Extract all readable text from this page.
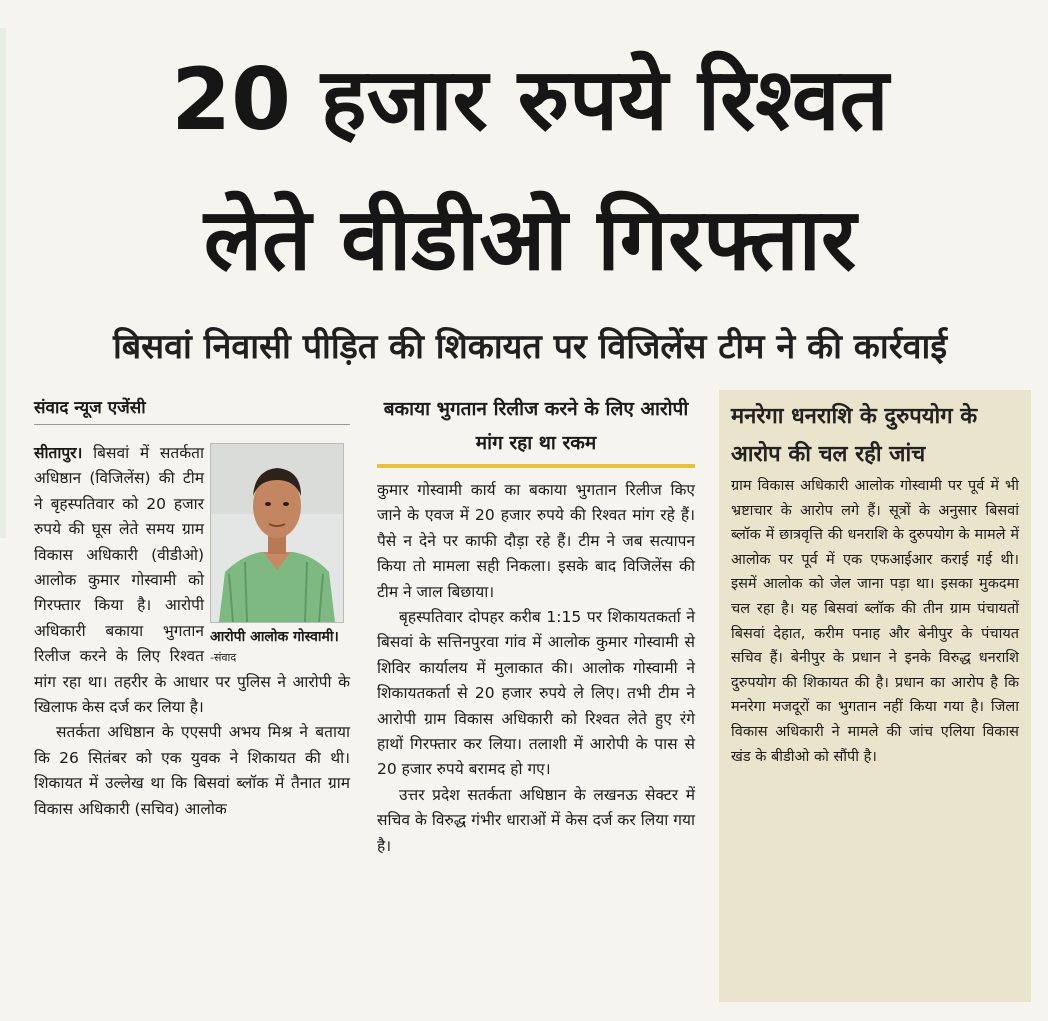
20 हजार रुपये रिश्वत
लेते वीडीओ गिरफ्तार
बिसवां निवासी पीड़ित की शिकायत पर विजिलेंस टीम ने की कार्रवाई

संवाद न्यूज एजेंसी

आरोपी आलोक गोस्वामी। -संवाद

सीतापुर। बिसवां में सतर्कता अधिष्ठान (विजिलेंस) की टीम ने बृहस्पतिवार को 20 हजार रुपये की घूस लेते समय ग्राम विकास अधिकारी (वीडीओ) आलोक कुमार गोस्वामी को गिरफ्तार किया है। आरोपी अधिकारी बकाया भुगतान रिलीज करने के लिए रिश्वत मांग रहा था। तहरीर के आधार पर पुलिस ने आरोपी के खिलाफ केस दर्ज कर लिया है।

सतर्कता अधिष्ठान के एएसपी अभय मिश्र ने बताया कि 26 सितंबर को एक युवक ने शिकायत की थी। शिकायत में उल्लेख था कि बिसवां ब्लॉक में तैनात ग्राम विकास अधिकारी (सचिव) आलोक

बकाया भुगतान रिलीज करने के लिए आरोपी मांग रहा था रकम

कुमार गोस्वामी कार्य का बकाया भुगतान रिलीज किए जाने के एवज में 20 हजार रुपये की रिश्वत मांग रहे हैं। पैसे न देने पर काफी दौड़ा रहे हैं। टीम ने जब सत्यापन किया तो मामला सही निकला। इसके बाद विजिलेंस की टीम ने जाल बिछाया।

बृहस्पतिवार दोपहर करीब 1:15 पर शिकायतकर्ता ने बिसवां के सत्तिनपुरवा गांव में आलोक कुमार गोस्वामी से शिविर कार्यालय में मुलाकात की। आलोक गोस्वामी ने शिकायतकर्ता से 20 हजार रुपये ले लिए। तभी टीम ने आरोपी ग्राम विकास अधिकारी को रिश्वत लेते हुए रंगे हाथों गिरफ्तार कर लिया। तलाशी में आरोपी के पास से 20 हजार रुपये बरामद हो गए।

उत्तर प्रदेश सतर्कता अधिष्ठान के लखनऊ सेक्टर में सचिव के विरुद्ध गंभीर धाराओं में केस दर्ज कर लिया गया है।

मनरेगा धनराशि के दुरुपयोग के आरोप की चल रही जांच

ग्राम विकास अधिकारी आलोक गोस्वामी पर पूर्व में भी भ्रष्टाचार के आरोप लगे हैं। सूत्रों के अनुसार बिसवां ब्लॉक में छात्रवृत्ति की धनराशि के दुरुपयोग के मामले में आलोक पर पूर्व में एक एफआईआर कराई गई थी। इसमें आलोक को जेल जाना पड़ा था। इसका मुकदमा चल रहा है। यह बिसवां ब्लॉक की तीन ग्राम पंचायतों बिसवां देहात, करीम पनाह और बेनीपुर के पंचायत सचिव हैं। बेनीपुर के प्रधान ने इनके विरुद्ध धनराशि दुरुपयोग की शिकायत की है। प्रधान का आरोप है कि मनरेगा मजदूरों का भुगतान नहीं किया गया है। जिला विकास अधिकारी ने मामले की जांच एलिया विकास खंड के बीडीओ को सौंपी है।
